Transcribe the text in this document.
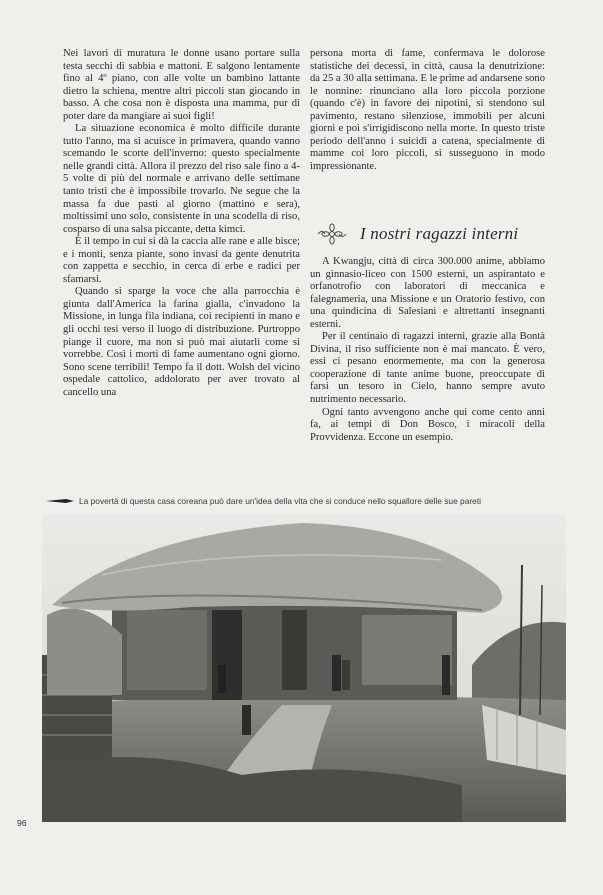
Nei lavori di muratura le donne usano portare sulla testa secchi di sabbia e mattoni. E salgono lentamente fino al 4º piano, con alle volte un bambino lattante dietro la schiena, mentre altri piccoli stan giocando in basso. A che cosa non è disposta una mamma, pur di poter dare da mangiare ai suoi figli!

La situazione economica è molto difficile durante tutto l'anno, ma si acuisce in primavera, quando vanno scemando le scorte dell'inverno: questo specialmente nelle grandi città. Allora il prezzo del riso sale fino a 4-5 volte di più del normale e arrivano delle settimane tanto tristi che è impossibile trovarlo. Ne segue che la massa fa due pasti al giorno (mattino e sera), moltissimi uno solo, consistente in una scodella di riso, cosparso di una salsa piccante, detta kimci.

È il tempo in cui si dà la caccia alle rane e alle bisce; e i monti, senza piante, sono invasi da gente denutrita con zappetta e secchio, in cerca di erbe e radici per sfamarsi.

Quando si sparge la voce che alla parrocchia è giunta dall'America la farina gialla, c'invadono la Missione, in lunga fila indiana, coi recipienti in mano e gli occhi tesi verso il luogo di distribuzione. Purtroppo piange il cuore, ma non si può mai aiutarli come si vorrebbe. Così i morti di fame aumentano ogni giorno. Sono scene terribili! Tempo fa il dott. Wolsh del vicino ospedale cattolico, addolorato per aver trovato al cancello una

persona morta di fame, confermava le dolorose statistiche dei decessi, in città, causa la denutrizione: da 25 a 30 alla settimana. E le prime ad andarsene sono le nonnine: rinunciano alla loro piccola porzione (quando c'è) in favore dei nipotini, si stendono sul pavimento, restano silenziose, immobili per alcuni giorni e poi s'irrigidiscono nella morte. In questo triste periodo dell'anno i suicidi a catena, specialmente di mamme coi loro piccoli, si susseguono in modo impressionante.

I nostri ragazzi interni

A Kwangju, città di circa 300.000 anime, abbiamo un ginnasio-liceo con 1500 esterni, un aspirantato e orfanotrofio con laboratori di meccanica e falegnameria, una Missione e un Oratorio festivo, con una quindicina di Salesiani e altrettanti insegnanti esterni.

Per il centinaio di ragazzi interni, grazie alla Bontà Divina, il riso sufficiente non è mai mancato. È vero, essi ci pesano enormemente, ma con la generosa cooperazione di tante anime buone, preoccupate di farsi un tesoro in Cielo, hanno sempre avuto nutrimento necessario.

Ogni tanto avvengono anche qui come cento anni fa, ai tempi di Don Bosco, i miracoli della Provvidenza. Eccone un esempio.

La povertà di questa casa coreana può dare un'idea della vita che si conduce nello squallore delle sue pareti
96
